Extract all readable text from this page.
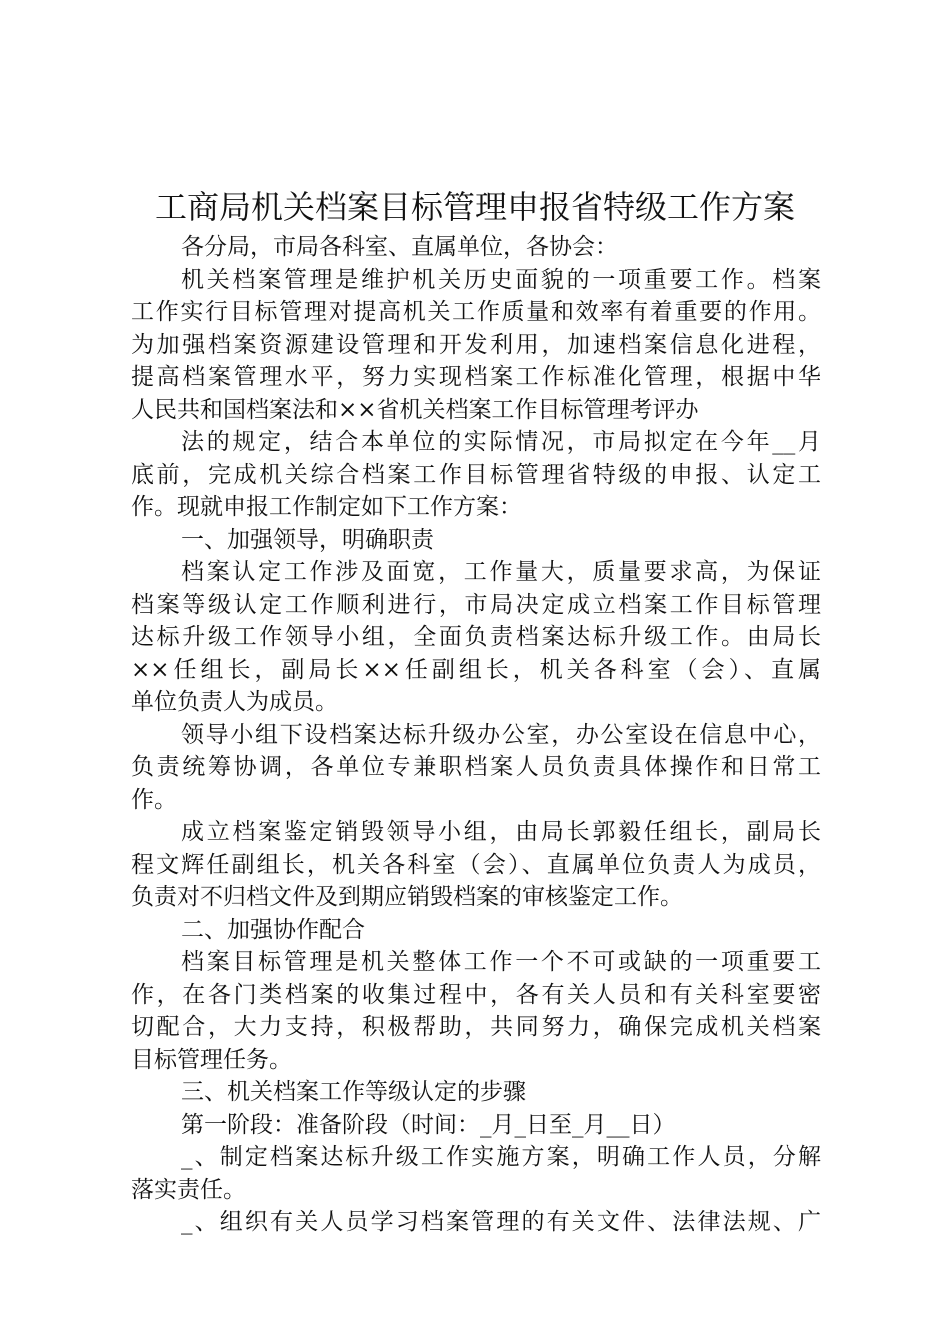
工商局机关档案目标管理申报省特级工作方案
各分局，市局各科室、直属单位，各协会：
机关档案管理是维护机关历史面貌的一项重要工作。档案
工作实行目标管理对提高机关工作质量和效率有着重要的作用。
为加强档案资源建设管理和开发利用，加速档案信息化进程，
提高档案管理水平，努力实现档案工作标准化管理，根据中华
人民共和国档案法和××省机关档案工作目标管理考评办
法的规定，结合本单位的实际情况，市局拟定在今年__月
底前，完成机关综合档案工作目标管理省特级的申报、认定工
作。现就申报工作制定如下工作方案：
一、加强领导，明确职责
档案认定工作涉及面宽，工作量大，质量要求高，为保证
档案等级认定工作顺利进行，市局决定成立档案工作目标管理
达标升级工作领导小组，全面负责档案达标升级工作。由局长
××任组长，副局长××任副组长，机关各科室（会）、直属
单位负责人为成员。
领导小组下设档案达标升级办公室，办公室设在信息中心，
负责统筹协调，各单位专兼职档案人员负责具体操作和日常工
作。
成立档案鉴定销毁领导小组，由局长郭毅任组长，副局长
程文辉任副组长，机关各科室（会）、直属单位负责人为成员，
负责对不归档文件及到期应销毁档案的审核鉴定工作。
二、加强协作配合
档案目标管理是机关整体工作一个不可或缺的一项重要工
作，在各门类档案的收集过程中，各有关人员和有关科室要密
切配合，大力支持，积极帮助，共同努力，确保完成机关档案
目标管理任务。
三、机关档案工作等级认定的步骤
第一阶段：准备阶段（时间：_月_日至_月__日）
_、制定档案达标升级工作实施方案，明确工作人员，分解
落实责任。
_、组织有关人员学习档案管理的有关文件、法律法规、广
